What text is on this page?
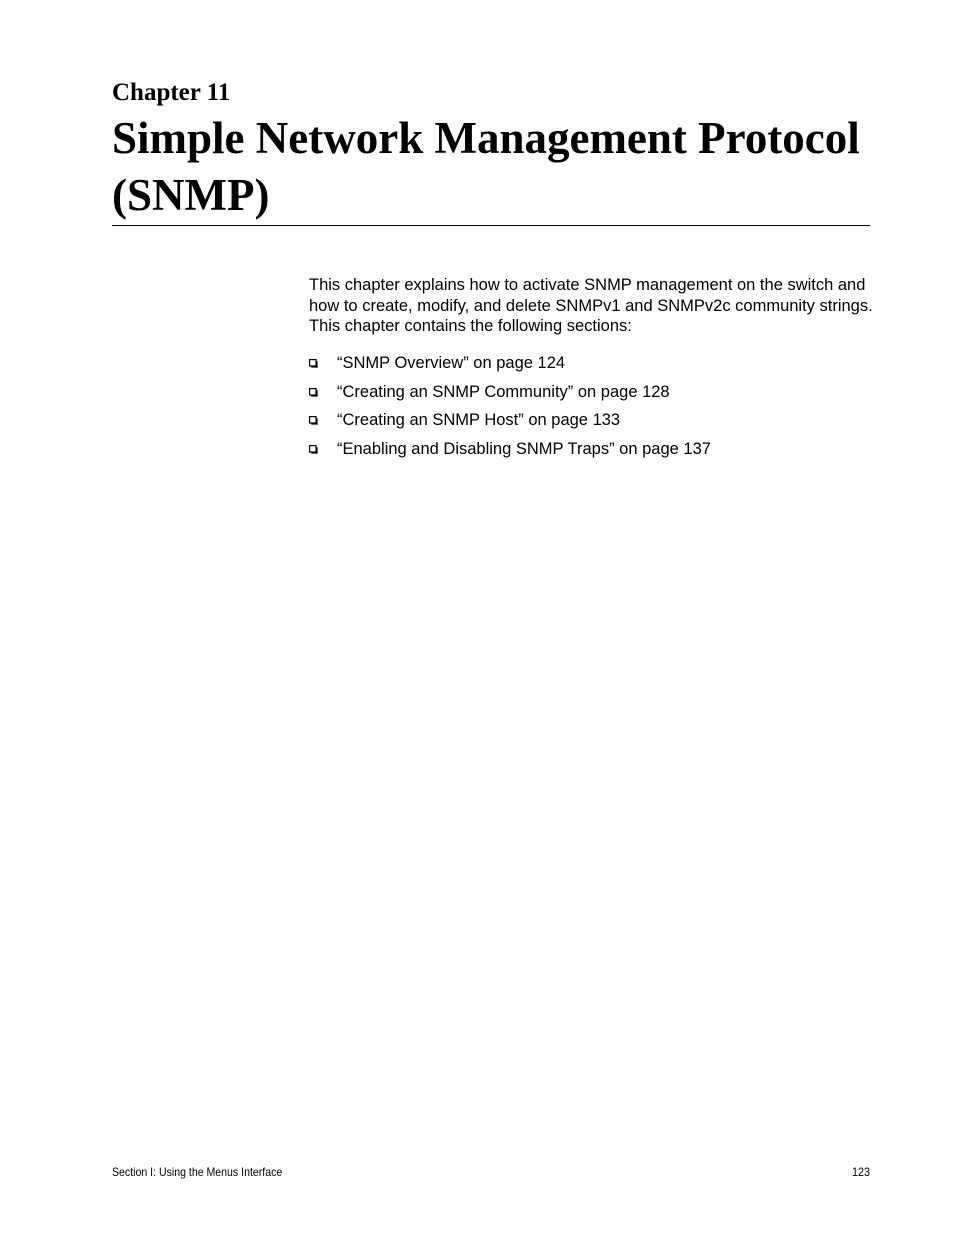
Chapter 11
Simple Network Management Protocol (SNMP)

This chapter explains how to activate SNMP management on the switch and how to create, modify, and delete SNMPv1 and SNMPv2c community strings. This chapter contains the following sections:

“SNMP Overview” on page 124
“Creating an SNMP Community” on page 128
“Creating an SNMP Host” on page 133
“Enabling and Disabling SNMP Traps” on page 137
Section I: Using the Menus Interface	123
